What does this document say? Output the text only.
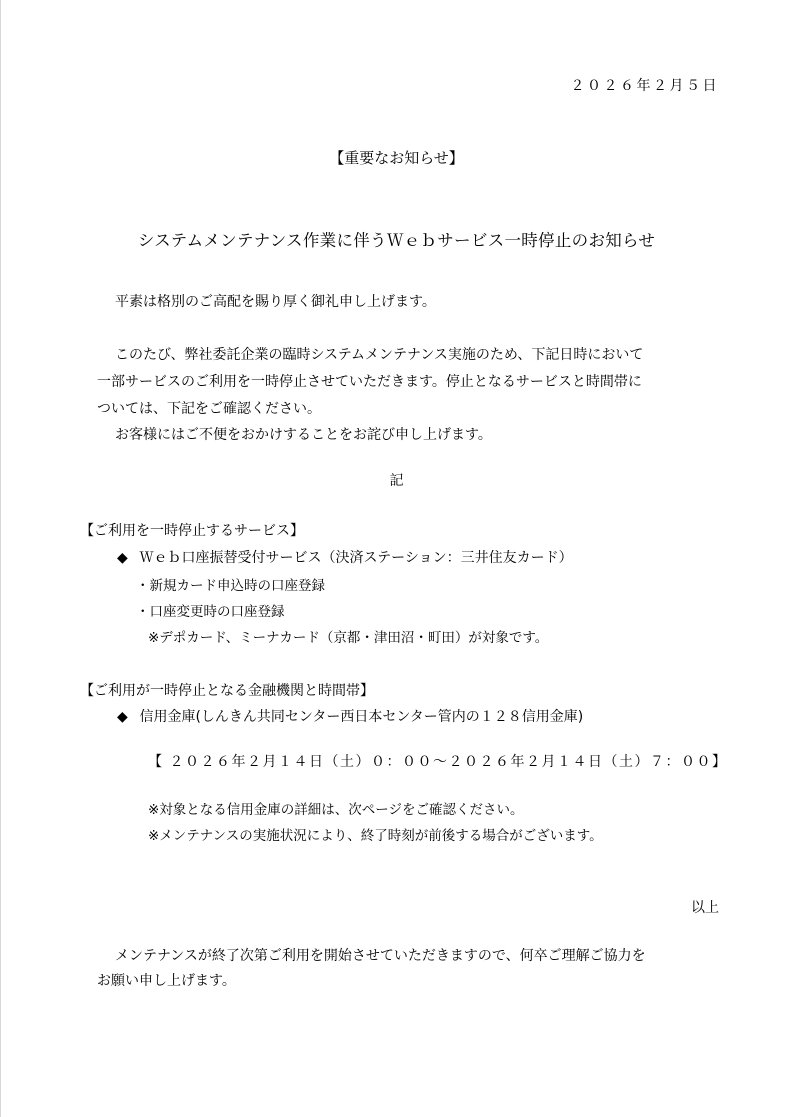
２０２６年２月５日
【重要なお知らせ】
システムメンテナンス作業に伴うＷｅｂサービス一時停止のお知らせ
平素は格別のご高配を賜り厚く御礼申し上げます。
このたび、弊社委託企業の臨時システムメンテナンス実施のため、下記日時において
一部サービスのご利用を一時停止させていただきます。停止となるサービスと時間帯に
ついては、下記をご確認ください。
お客様にはご不便をおかけすることをお詫び申し上げます。
記
【ご利用を一時停止するサービス】
◆ Ｗｅｂ口座振替受付サービス（決済ステーション：三井住友カード）
・新規カード申込時の口座登録
・口座変更時の口座登録
※デポカード、ミーナカード（京都・津田沼・町田）が対象です。
【ご利用が一時停止となる金融機関と時間帯】
◆ 信用金庫(しんきん共同センター西日本センター管内の１２８信用金庫)
【 ２０２６年２月１４日（土）０：００～２０２６年２月１４日（土）７：００】
※対象となる信用金庫の詳細は、次ページをご確認ください。
※メンテナンスの実施状況により、終了時刻が前後する場合がございます。
以上
メンテナンスが終了次第ご利用を開始させていただきますので、何卒ご理解ご協力を
お願い申し上げます。
